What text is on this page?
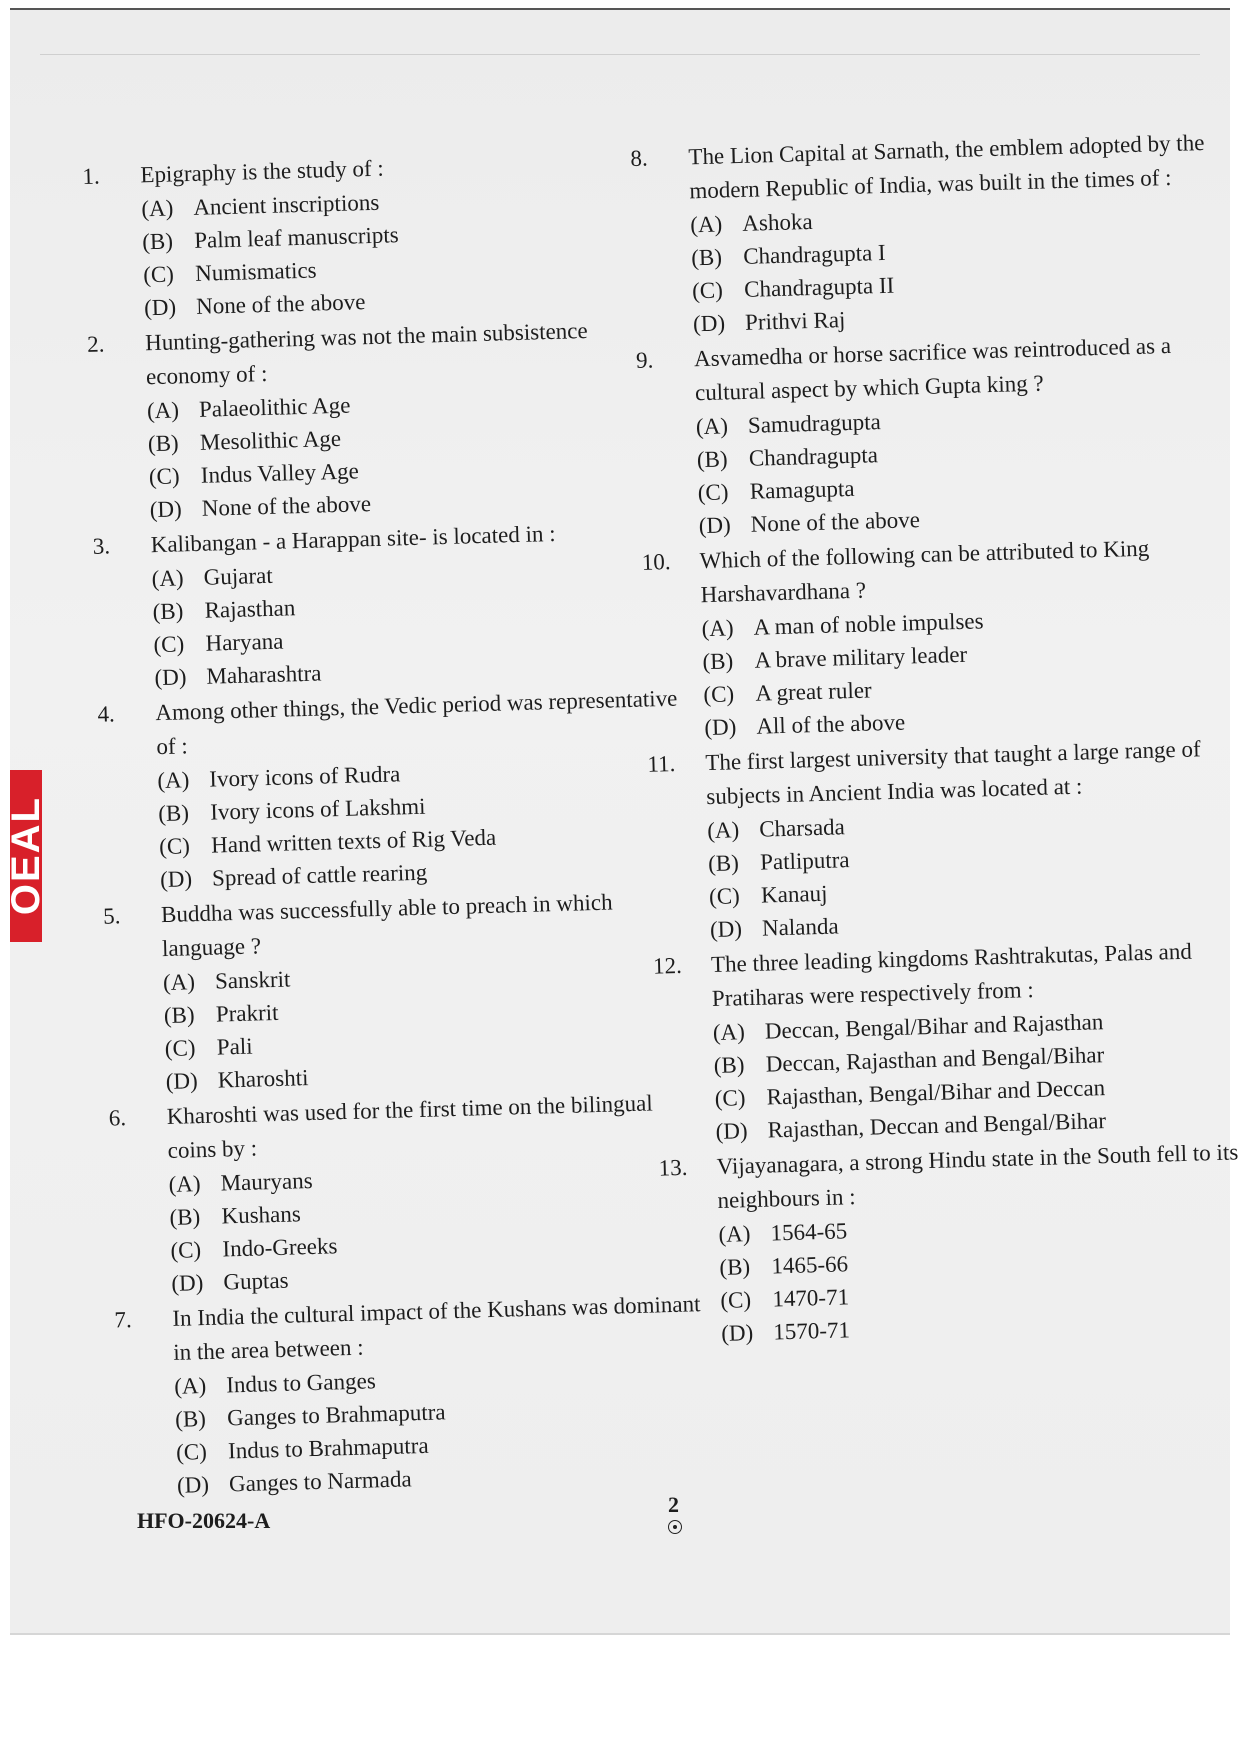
OEAL
1.	Epigraphy is the study of :
(A) Ancient inscriptions
(B) Palm leaf manuscripts
(C) Numismatics
(D) None of the above
2.	Hunting-gathering was not the main subsistence economy of :
(A) Palaeolithic Age
(B) Mesolithic Age
(C) Indus Valley Age
(D) None of the above
3.	Kalibangan - a Harappan site- is located in :
(A) Gujarat
(B) Rajasthan
(C) Haryana
(D) Maharashtra
4.	Among other things, the Vedic period was representative of :
(A) Ivory icons of Rudra
(B) Ivory icons of Lakshmi
(C) Hand written texts of Rig Veda
(D) Spread of cattle rearing
5.	Buddha was successfully able to preach in which language ?
(A) Sanskrit
(B) Prakrit
(C) Pali
(D) Kharoshti
6.	Kharoshti was used for the first time on the bilingual coins by :
(A) Mauryans
(B) Kushans
(C) Indo-Greeks
(D) Guptas
7.	In India the cultural impact of the Kushans was dominant in the area between :
(A) Indus to Ganges
(B) Ganges to Brahmaputra
(C) Indus to Brahmaputra
(D) Ganges to Narmada
8.	The Lion Capital at Sarnath, the emblem adopted by the modern Republic of India, was built in the times of :
(A) Ashoka
(B) Chandragupta I
(C) Chandragupta II
(D) Prithvi Raj
9.	Asvamedha or horse sacrifice was reintroduced as a cultural aspect by which Gupta king ?
(A) Samudragupta
(B) Chandragupta
(C) Ramagupta
(D) None of the above
10.	Which of the following can be attributed to King Harshavardhana ?
(A) A man of noble impulses
(B) A brave military leader
(C) A great ruler
(D) All of the above
11.	The first largest university that taught a large range of subjects in Ancient India was located at :
(A) Charsada
(B) Patliputra
(C) Kanauj
(D) Nalanda
12.	The three leading kingdoms Rashtrakutas, Palas and Pratiharas were respectively from :
(A) Deccan, Bengal/Bihar and Rajasthan
(B) Deccan, Rajasthan and Bengal/Bihar
(C) Rajasthan, Bengal/Bihar and Deccan
(D) Rajasthan, Deccan and Bengal/Bihar
13.	Vijayanagara, a strong Hindu state in the South fell to its neighbours in :
(A) 1564-65
(B) 1465-66
(C) 1470-71
(D) 1570-71
HFO-20624-A
2
